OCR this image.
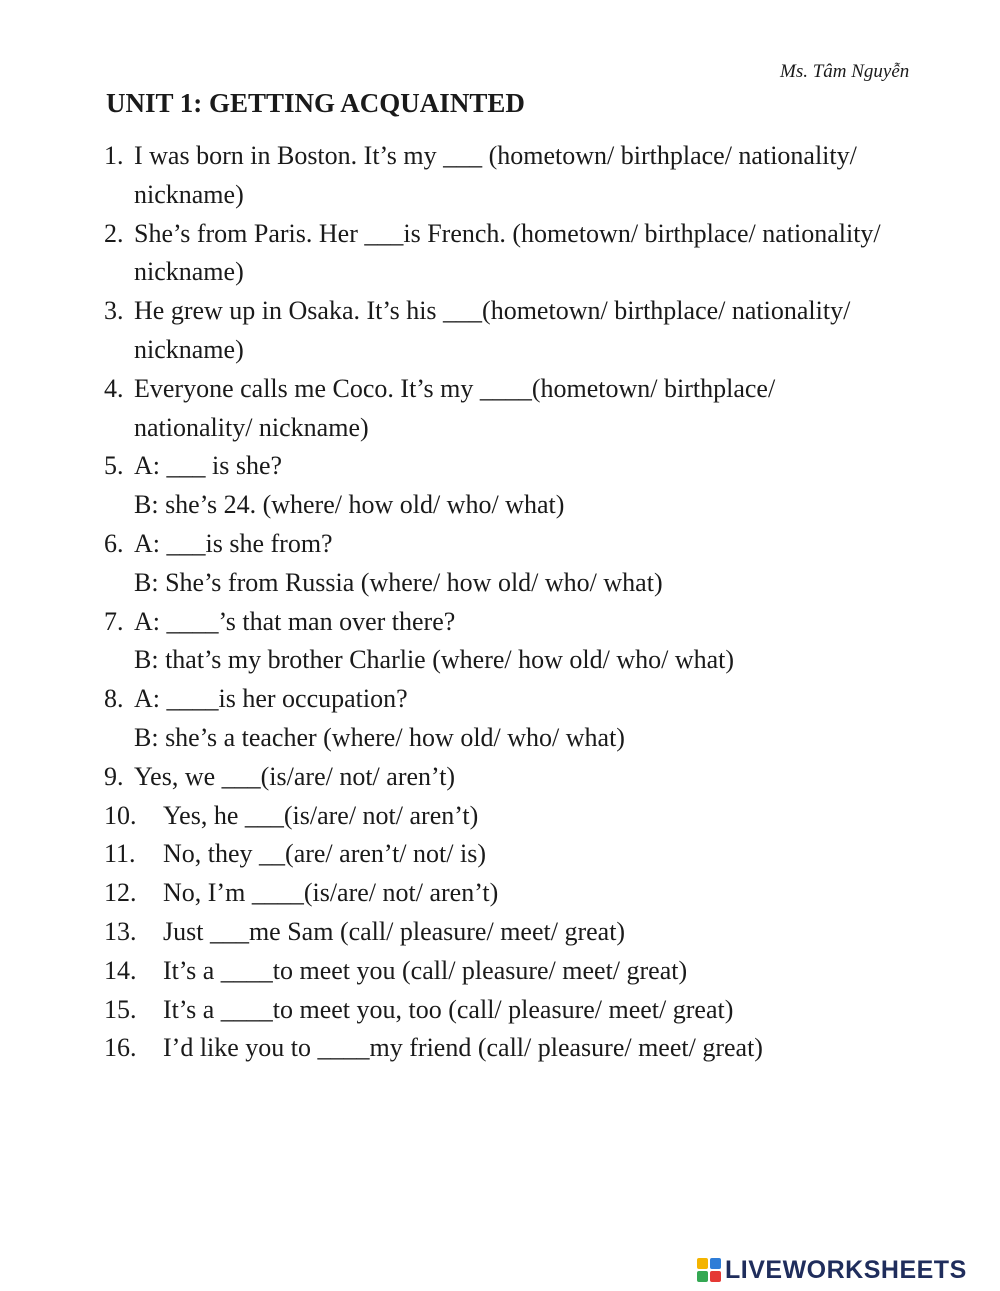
Ms. Tâm Nguyễn
UNIT 1: GETTING ACQUAINTED
1. I was born in Boston. It’s my ___ (hometown/ birthplace/ nationality/
nickname)
2. She’s from Paris. Her ___is French. (hometown/ birthplace/ nationality/
nickname)
3. He grew up in Osaka. It’s his ___(hometown/ birthplace/ nationality/
nickname)
4. Everyone calls me Coco. It’s my ____(hometown/ birthplace/
nationality/ nickname)
5. A: ___ is she?
B: she’s 24. (where/ how old/ who/ what)
6. A: ___is she from?
B: She’s from Russia (where/ how old/ who/ what)
7. A: ____’s that man over there?
B: that’s my brother Charlie (where/ how old/ who/ what)
8. A: ____is her occupation?
B: she’s a teacher (where/ how old/ who/ what)
9. Yes, we ___(is/are/ not/ aren’t)
10. Yes, he ___(is/are/ not/ aren’t)
11. No, they __(are/ aren’t/ not/ is)
12. No, I’m ____(is/are/ not/ aren’t)
13. Just ___me Sam (call/ pleasure/ meet/ great)
14. It’s a ____to meet you (call/ pleasure/ meet/ great)
15. It’s a ____to meet you, too (call/ pleasure/ meet/ great)
16. I’d like you to ____my friend (call/ pleasure/ meet/ great)
LIVEWORKSHEETS
